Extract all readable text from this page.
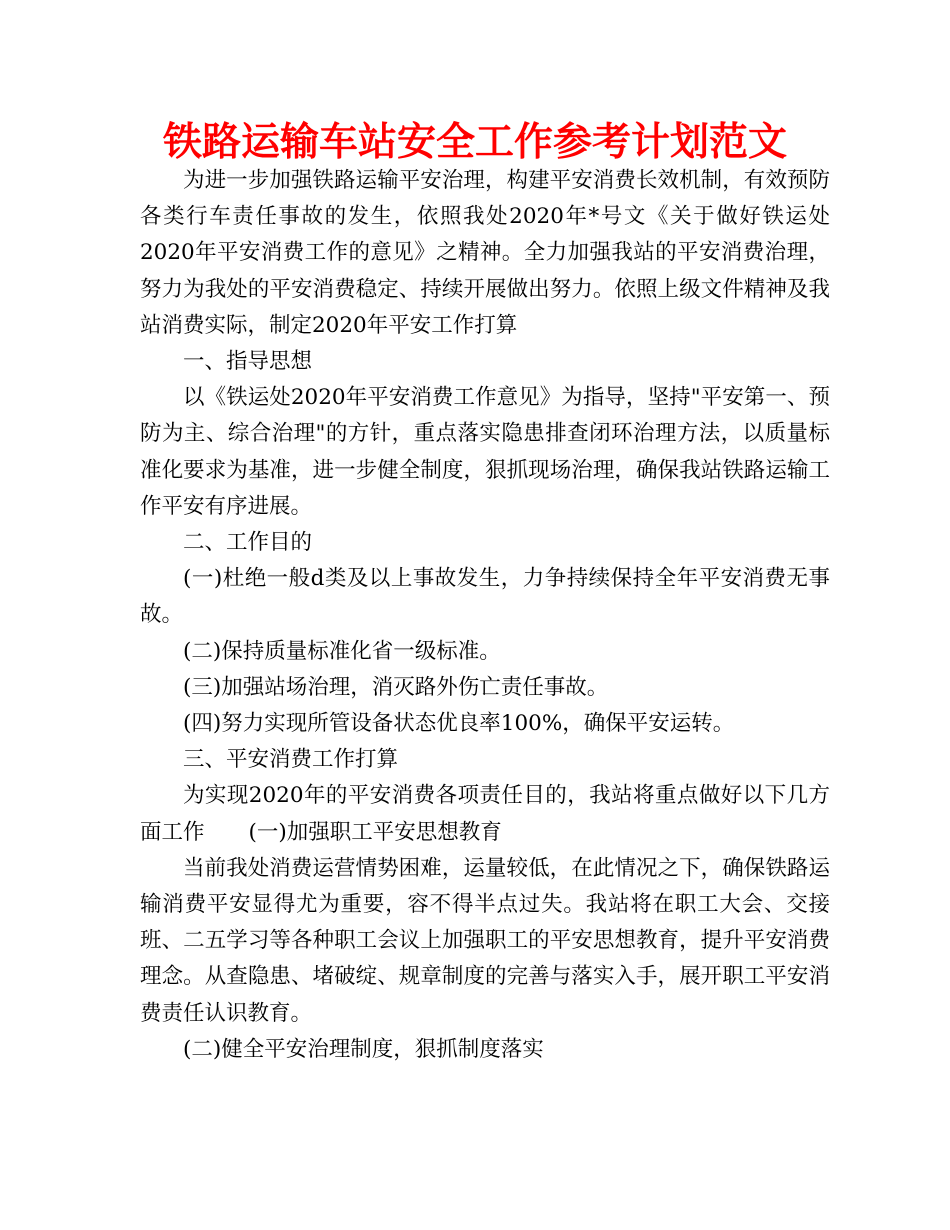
铁路运输车站安全工作参考计划范文

为进一步加强铁路运输平安治理，构建平安消费长效机制，有效预防各类行车责任事故的发生，依照我处2020年*号文《关于做好铁运处2020年平安消费工作的意见》之精神。全力加强我站的平安消费治理，努力为我处的平安消费稳定、持续开展做出努力。依照上级文件精神及我站消费实际，制定2020年平安工作打算

一、指导思想

以《铁运处2020年平安消费工作意见》为指导，坚持"平安第一、预防为主、综合治理"的方针，重点落实隐患排查闭环治理方法，以质量标准化要求为基准，进一步健全制度，狠抓现场治理，确保我站铁路运输工作平安有序进展。

二、工作目的

(一)杜绝一般d类及以上事故发生，力争持续保持全年平安消费无事故。

(二)保持质量标准化省一级标准。

(三)加强站场治理，消灭路外伤亡责任事故。

(四)努力实现所管设备状态优良率100%，确保平安运转。

三、平安消费工作打算

为实现2020年的平安消费各项责任目的，我站将重点做好以下几方面工作 (一)加强职工平安思想教育

当前我处消费运营情势困难，运量较低，在此情况之下，确保铁路运输消费平安显得尤为重要，容不得半点过失。我站将在职工大会、交接班、二五学习等各种职工会议上加强职工的平安思想教育，提升平安消费理念。从查隐患、堵破绽、规章制度的完善与落实入手，展开职工平安消费责任认识教育。

(二)健全平安治理制度，狠抓制度落实
